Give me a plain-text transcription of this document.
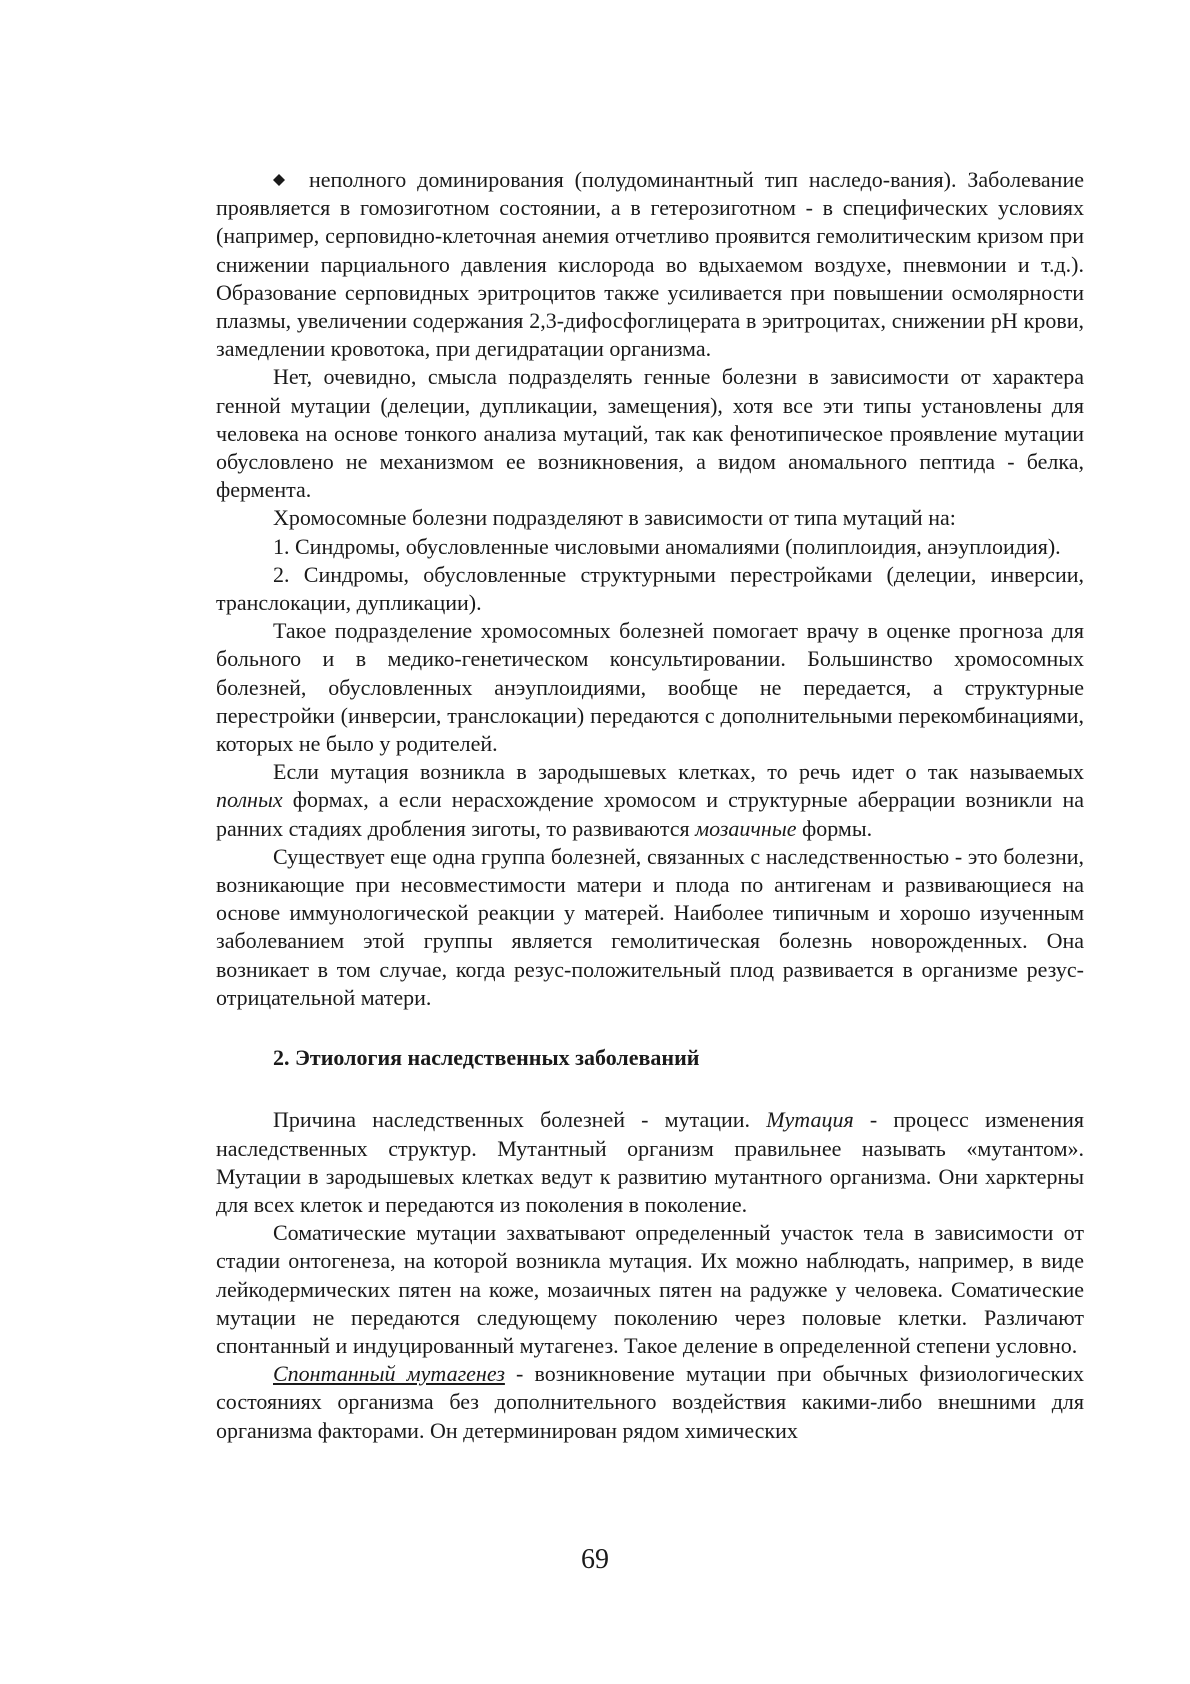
неполного доминирования (полудоминантный тип наследо-вания). Заболевание проявляется в гомозиготном состоянии, а в гетерозиготном - в специфических условиях (например, серповидно-клеточная анемия отчетливо проявится гемолитическим кризом при снижении парциального давления кислорода во вдыхаемом воздухе, пневмонии и т.д.). Образование серповидных эритроцитов также усиливается при повышении осмолярности плазмы, увеличении содержания 2,3-дифосфоглицерата в эритроцитах, снижении pH крови, замедлении кровотока, при дегидратации организма.

Нет, очевидно, смысла подразделять генные болезни в зависимости от характера генной мутации (делеции, дупликации, замещения), хотя все эти типы установлены для человека на основе тонкого анализа мутаций, так как фенотипическое проявление мутации обусловлено не механизмом ее возникновения, а видом аномального пептида - белка, фермента.

Хромосомные болезни подразделяют в зависимости от типа мутаций на:

1. Синдромы, обусловленные числовыми аномалиями (полиплоидия, анэуплоидия).

2. Синдромы, обусловленные структурными перестройками (делеции, инверсии, транслокации, дупликации).

Такое подразделение хромосомных болезней помогает врачу в оценке прогноза для больного и в медико-генетическом консультировании. Большинство хромосомных болезней, обусловленных анэуплоидиями, вообще не передается, а структурные перестройки (инверсии, транслокации) передаются с дополнительными перекомбинациями, которых не было у родителей.

Если мутация возникла в зародышевых клетках, то речь идет о так называемых полных формах, а если нерасхождение хромосом и структурные аберрации возникли на ранних стадиях дробления зиготы, то развиваются мозаичные формы.

Существует еще одна группа болезней, связанных с наследственностью - это болезни, возникающие при несовместимости матери и плода по антигенам и развивающиеся на основе иммунологической реакции у матерей. Наиболее типичным и хорошо изученным заболеванием этой группы является гемолитическая болезнь новорожденных. Она возникает в том случае, когда резус-положительный плод развивается в организме резус-отрицательной матери.

2. Этиология наследственных заболеваний

Причина наследственных болезней - мутации. Мутация - процесс изменения наследственных структур. Мутантный организм правильнее называть «мутантом». Мутации в зародышевых клетках ведут к развитию мутантного организма. Они харктерны для всех клеток и передаются из поколения в поколение.

Соматические мутации захватывают определенный участок тела в зависимости от стадии онтогенеза, на которой возникла мутация. Их можно наблюдать, например, в виде лейкодермических пятен на коже, мозаичных пятен на радужке у человека. Соматические мутации не передаются следующему поколению через половые клетки. Различают спонтанный и индуцированный мутагенез. Такое деление в определенной степени условно.

Спонтанный мутагенез - возникновение мутации при обычных физиологических состояниях организма без дополнительного воздействия какими-либо внешними для организма факторами. Он детерминирован рядом химических

69
